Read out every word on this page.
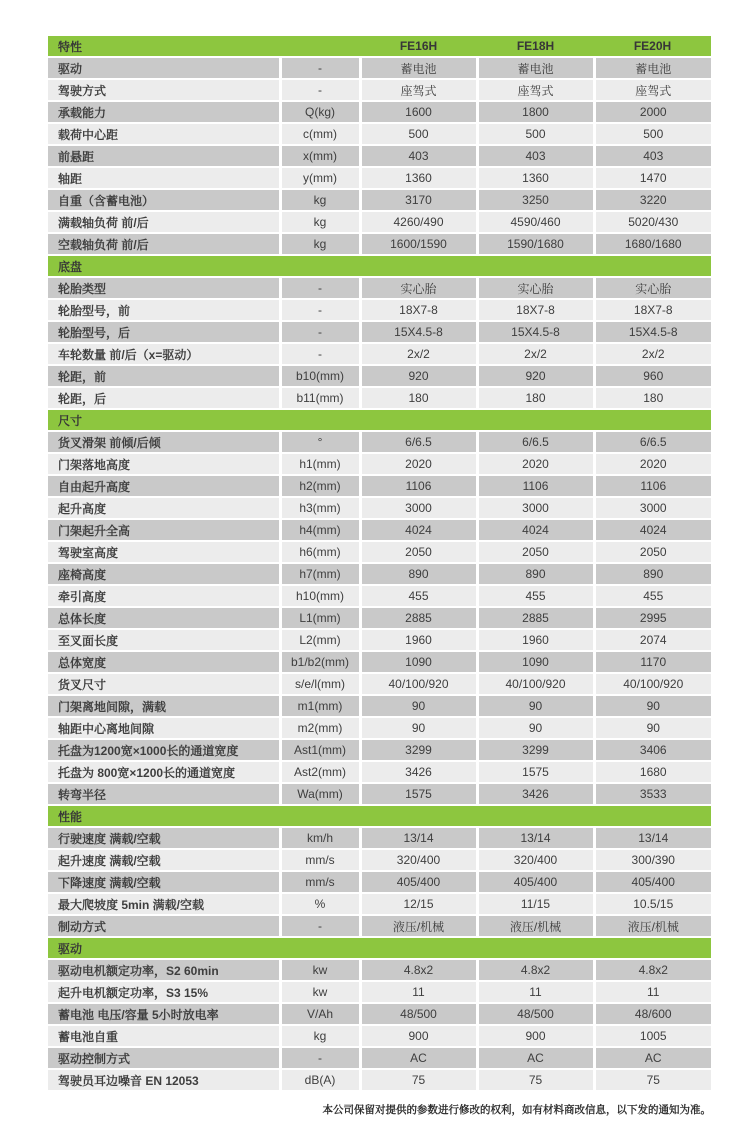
特性		FE16H	FE18H	FE20H
驱动	-	蓄电池	蓄电池	蓄电池
驾驶方式	-	座驾式	座驾式	座驾式
承载能力	Q(kg)	1600	1800	2000
载荷中心距	c(mm)	500	500	500
前悬距	x(mm)	403	403	403
轴距	y(mm)	1360	1360	1470
自重（含蓄电池）	kg	3170	3250	3220
满载轴负荷 前/后	kg	4260/490	4590/460	5020/430
空载轴负荷 前/后	kg	1600/1590	1590/1680	1680/1680
底盘				
轮胎类型	-	实心胎	实心胎	实心胎
轮胎型号，前	-	18X7-8	18X7-8	18X7-8
轮胎型号，后	-	15X4.5-8	15X4.5-8	15X4.5-8
车轮数量 前/后（x=驱动）	-	2x/2	2x/2	2x/2
轮距，前	b10(mm)	920	920	960
轮距，后	b11(mm)	180	180	180
尺寸				
货叉滑架 前倾/后倾	°	6/6.5	6/6.5	6/6.5
门架落地高度	h1(mm)	2020	2020	2020
自由起升高度	h2(mm)	1106	1106	1106
起升高度	h3(mm)	3000	3000	3000
门架起升全高	h4(mm)	4024	4024	4024
驾驶室高度	h6(mm)	2050	2050	2050
座椅高度	h7(mm)	890	890	890
牵引高度	h10(mm)	455	455	455
总体长度	L1(mm)	2885	2885	2995
至叉面长度	L2(mm)	1960	1960	2074
总体宽度	b1/b2(mm)	1090	1090	1170
货叉尺寸	s/e/l(mm)	40/100/920	40/100/920	40/100/920
门架离地间隙，满载	m1(mm)	90	90	90
轴距中心离地间隙	m2(mm)	90	90	90
托盘为1200宽×1000长的通道宽度	Ast1(mm)	3299	3299	3406
托盘为 800宽×1200长的通道宽度	Ast2(mm)	3426	1575	1680
转弯半径	Wa(mm)	1575	3426	3533
性能				
行驶速度 满载/空载	km/h	13/14	13/14	13/14
起升速度 满载/空载	mm/s	320/400	320/400	300/390
下降速度 满载/空载	mm/s	405/400	405/400	405/400
最大爬坡度 5min 满载/空载	%	12/15	11/15	10.5/15
制动方式	-	液压/机械	液压/机械	液压/机械
驱动				
驱动电机额定功率，S2 60min	kw	4.8x2	4.8x2	4.8x2
起升电机额定功率，S3 15%	kw	11	11	11
蓄电池 电压/容量 5小时放电率	V/Ah	48/500	48/500	48/600
蓄电池自重	kg	900	900	1005
驱动控制方式	-	AC	AC	AC
驾驶员耳边噪音 EN 12053	dB(A)	75	75	75
本公司保留对提供的参数进行修改的权利，如有材料商改信息，以下发的通知为准。
